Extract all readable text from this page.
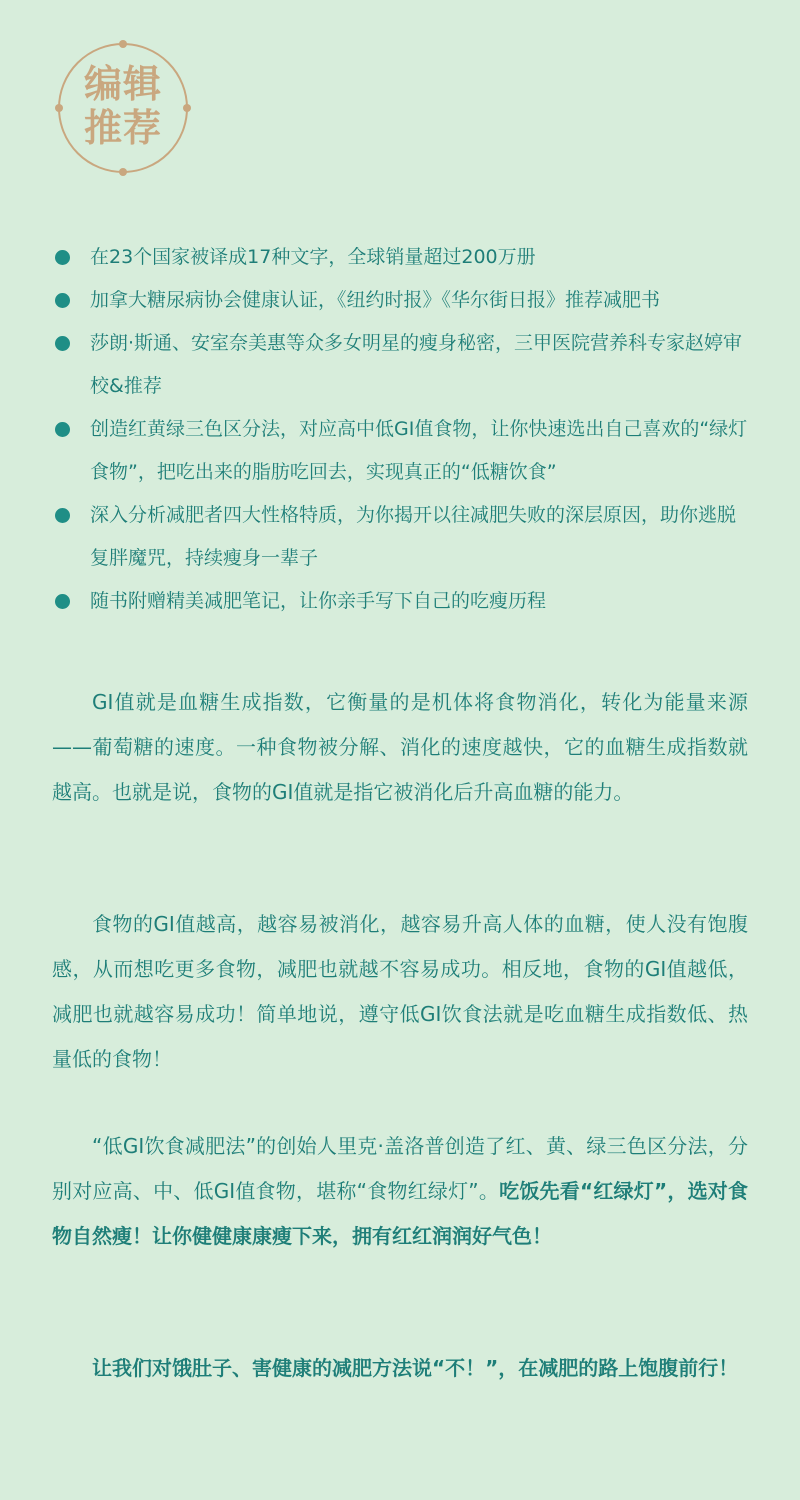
编辑
推荐
在23个国家被译成17种文字，全球销量超过200万册
加拿大糖尿病协会健康认证，《纽约时报》《华尔街日报》推荐减肥书
莎朗·斯通、安室奈美惠等众多女明星的瘦身秘密，三甲医院营养科专家赵婷审校&推荐
创造红黄绿三色区分法，对应高中低GI值食物，让你快速选出自己喜欢的“绿灯食物”，把吃出来的脂肪吃回去，实现真正的“低糖饮食”
深入分析减肥者四大性格特质，为你揭开以往减肥失败的深层原因，助你逃脱复胖魔咒，持续瘦身一辈子
随书附赠精美减肥笔记，让你亲手写下自己的吃瘦历程

GI值就是血糖生成指数，它衡量的是机体将食物消化，转化为能量来源——葡萄糖的速度。一种食物被分解、消化的速度越快，它的血糖生成指数就越高。也就是说，食物的GI值就是指它被消化后升高血糖的能力。

食物的GI值越高，越容易被消化，越容易升高人体的血糖，使人没有饱腹感，从而想吃更多食物，减肥也就越不容易成功。相反地，食物的GI值越低，减肥也就越容易成功！简单地说，遵守低GI饮食法就是吃血糖生成指数低、热量低的食物！

“低GI饮食减肥法”的创始人里克·盖洛普创造了红、黄、绿三色区分法，分别对应高、中、低GI值食物，堪称“食物红绿灯”。吃饭先看“红绿灯”，选对食物自然瘦！让你健健康康瘦下来，拥有红红润润好气色！

让我们对饿肚子、害健康的减肥方法说“不！”，在减肥的路上饱腹前行！
